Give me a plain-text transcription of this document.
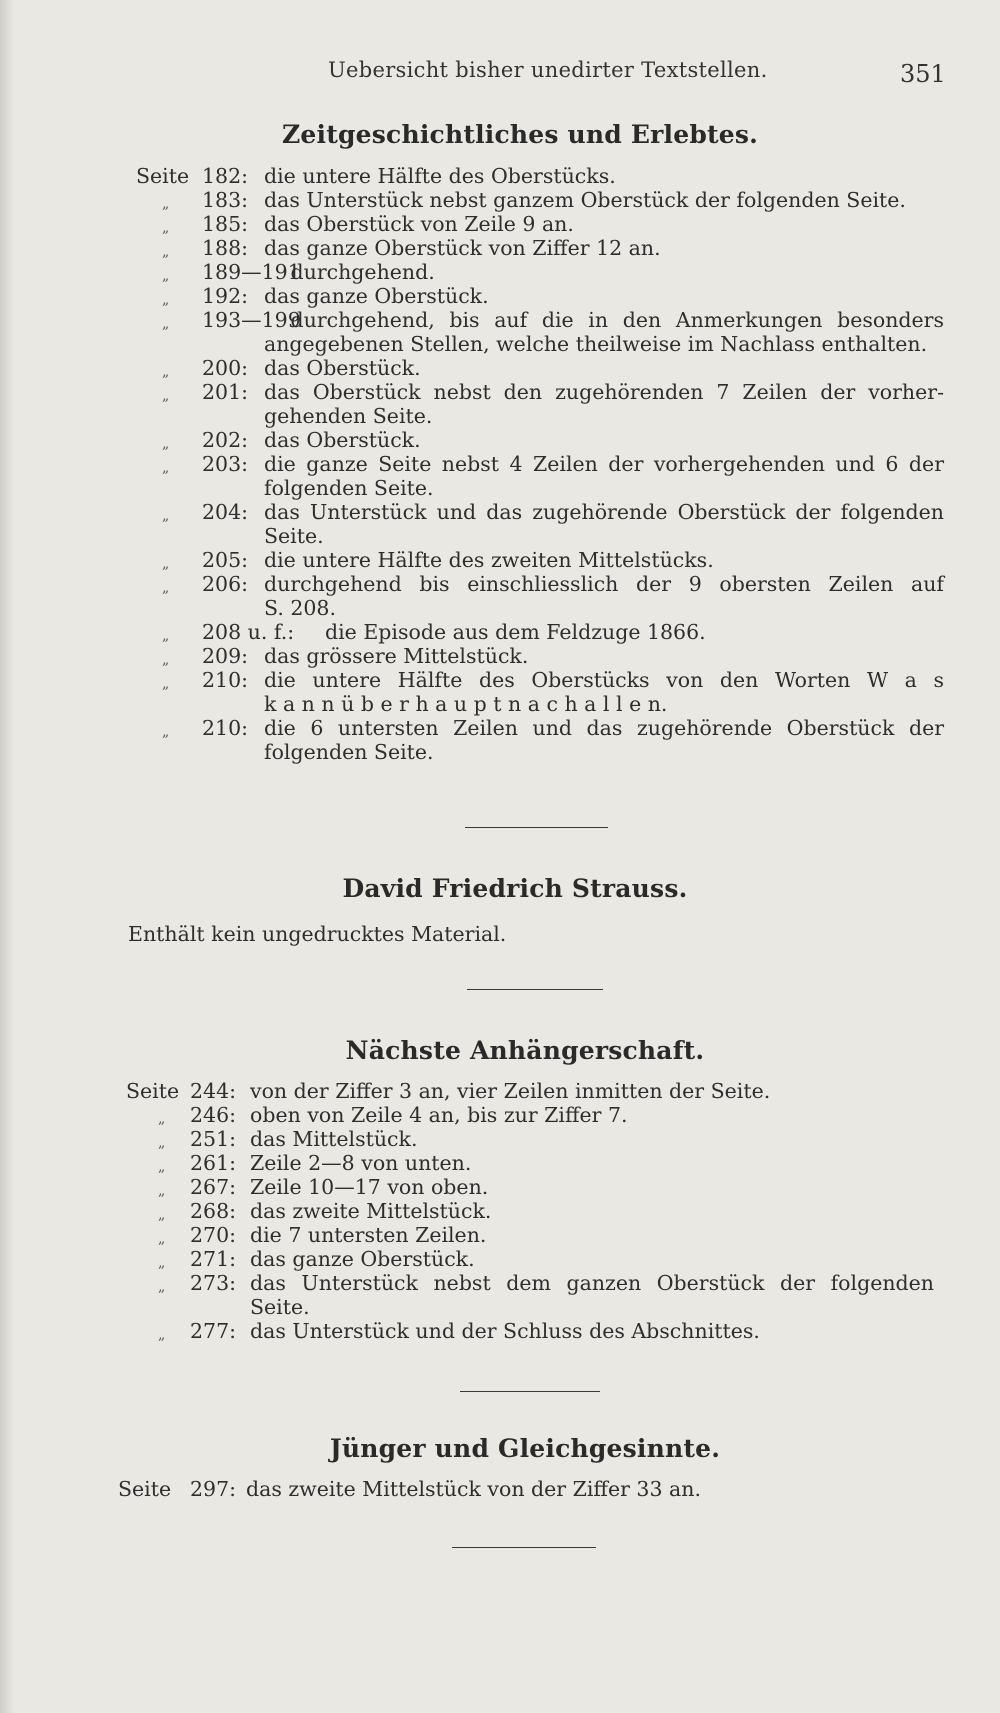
Uebersicht bisher unedirter Textstellen.	351
Zeitgeschichtliches und Erlebtes.
Seite 182: die untere Hälfte des Oberstücks.
„ 183: das Unterstück nebst ganzem Oberstück der folgenden Seite.
„ 185: das Oberstück von Zeile 9 an.
„ 188: das ganze Oberstück von Ziffer 12 an.
„ 189—191
durchgehend.
„ 192: das ganze Oberstück.
„ 193—199
durchgehend, bis auf die in den Anmerkungen besonders
angegebenen Stellen, welche theilweise im Nachlass enthalten.
„ 200: das Oberstück.
„ 201: das Oberstück nebst den zugehörenden 7 Zeilen der vorher-
gehenden Seite.
„ 202: das Oberstück.
„ 203: die ganze Seite nebst 4 Zeilen der vorhergehenden und 6 der
folgenden Seite.
„ 204: das Unterstück und das zugehörende Oberstück der folgenden
Seite.
„ 205: die untere Hälfte des zweiten Mittelstücks.
„ 206: durchgehend bis einschliesslich der 9 obersten Zeilen auf
S. 208.
„ 208 u. f.: die Episode aus dem Feldzuge 1866.
„ 209: das grössere Mittelstück.
„ 210: die untere Hälfte des Oberstücks von den Worten W a s
k a n n ü b e r h a u p t n a c h a l l e n.
„ 210: die 6 untersten Zeilen und das zugehörende Oberstück der
folgenden Seite.
David Friedrich Strauss.
Enthält kein ungedrucktes Material.
Nächste Anhängerschaft.
Seite 244: von der Ziffer 3 an, vier Zeilen inmitten der Seite.
„ 246: oben von Zeile 4 an, bis zur Ziffer 7.
„ 251: das Mittelstück.
„ 261: Zeile 2—8 von unten.
„ 267: Zeile 10—17 von oben.
„ 268: das zweite Mittelstück.
„ 270: die 7 untersten Zeilen.
„ 271: das ganze Oberstück.
„ 273: das Unterstück nebst dem ganzen Oberstück der folgenden
Seite.
„ 277: das Unterstück und der Schluss des Abschnittes.
Jünger und Gleichgesinnte.
Seite 297: das zweite Mittelstück von der Ziffer 33 an.
